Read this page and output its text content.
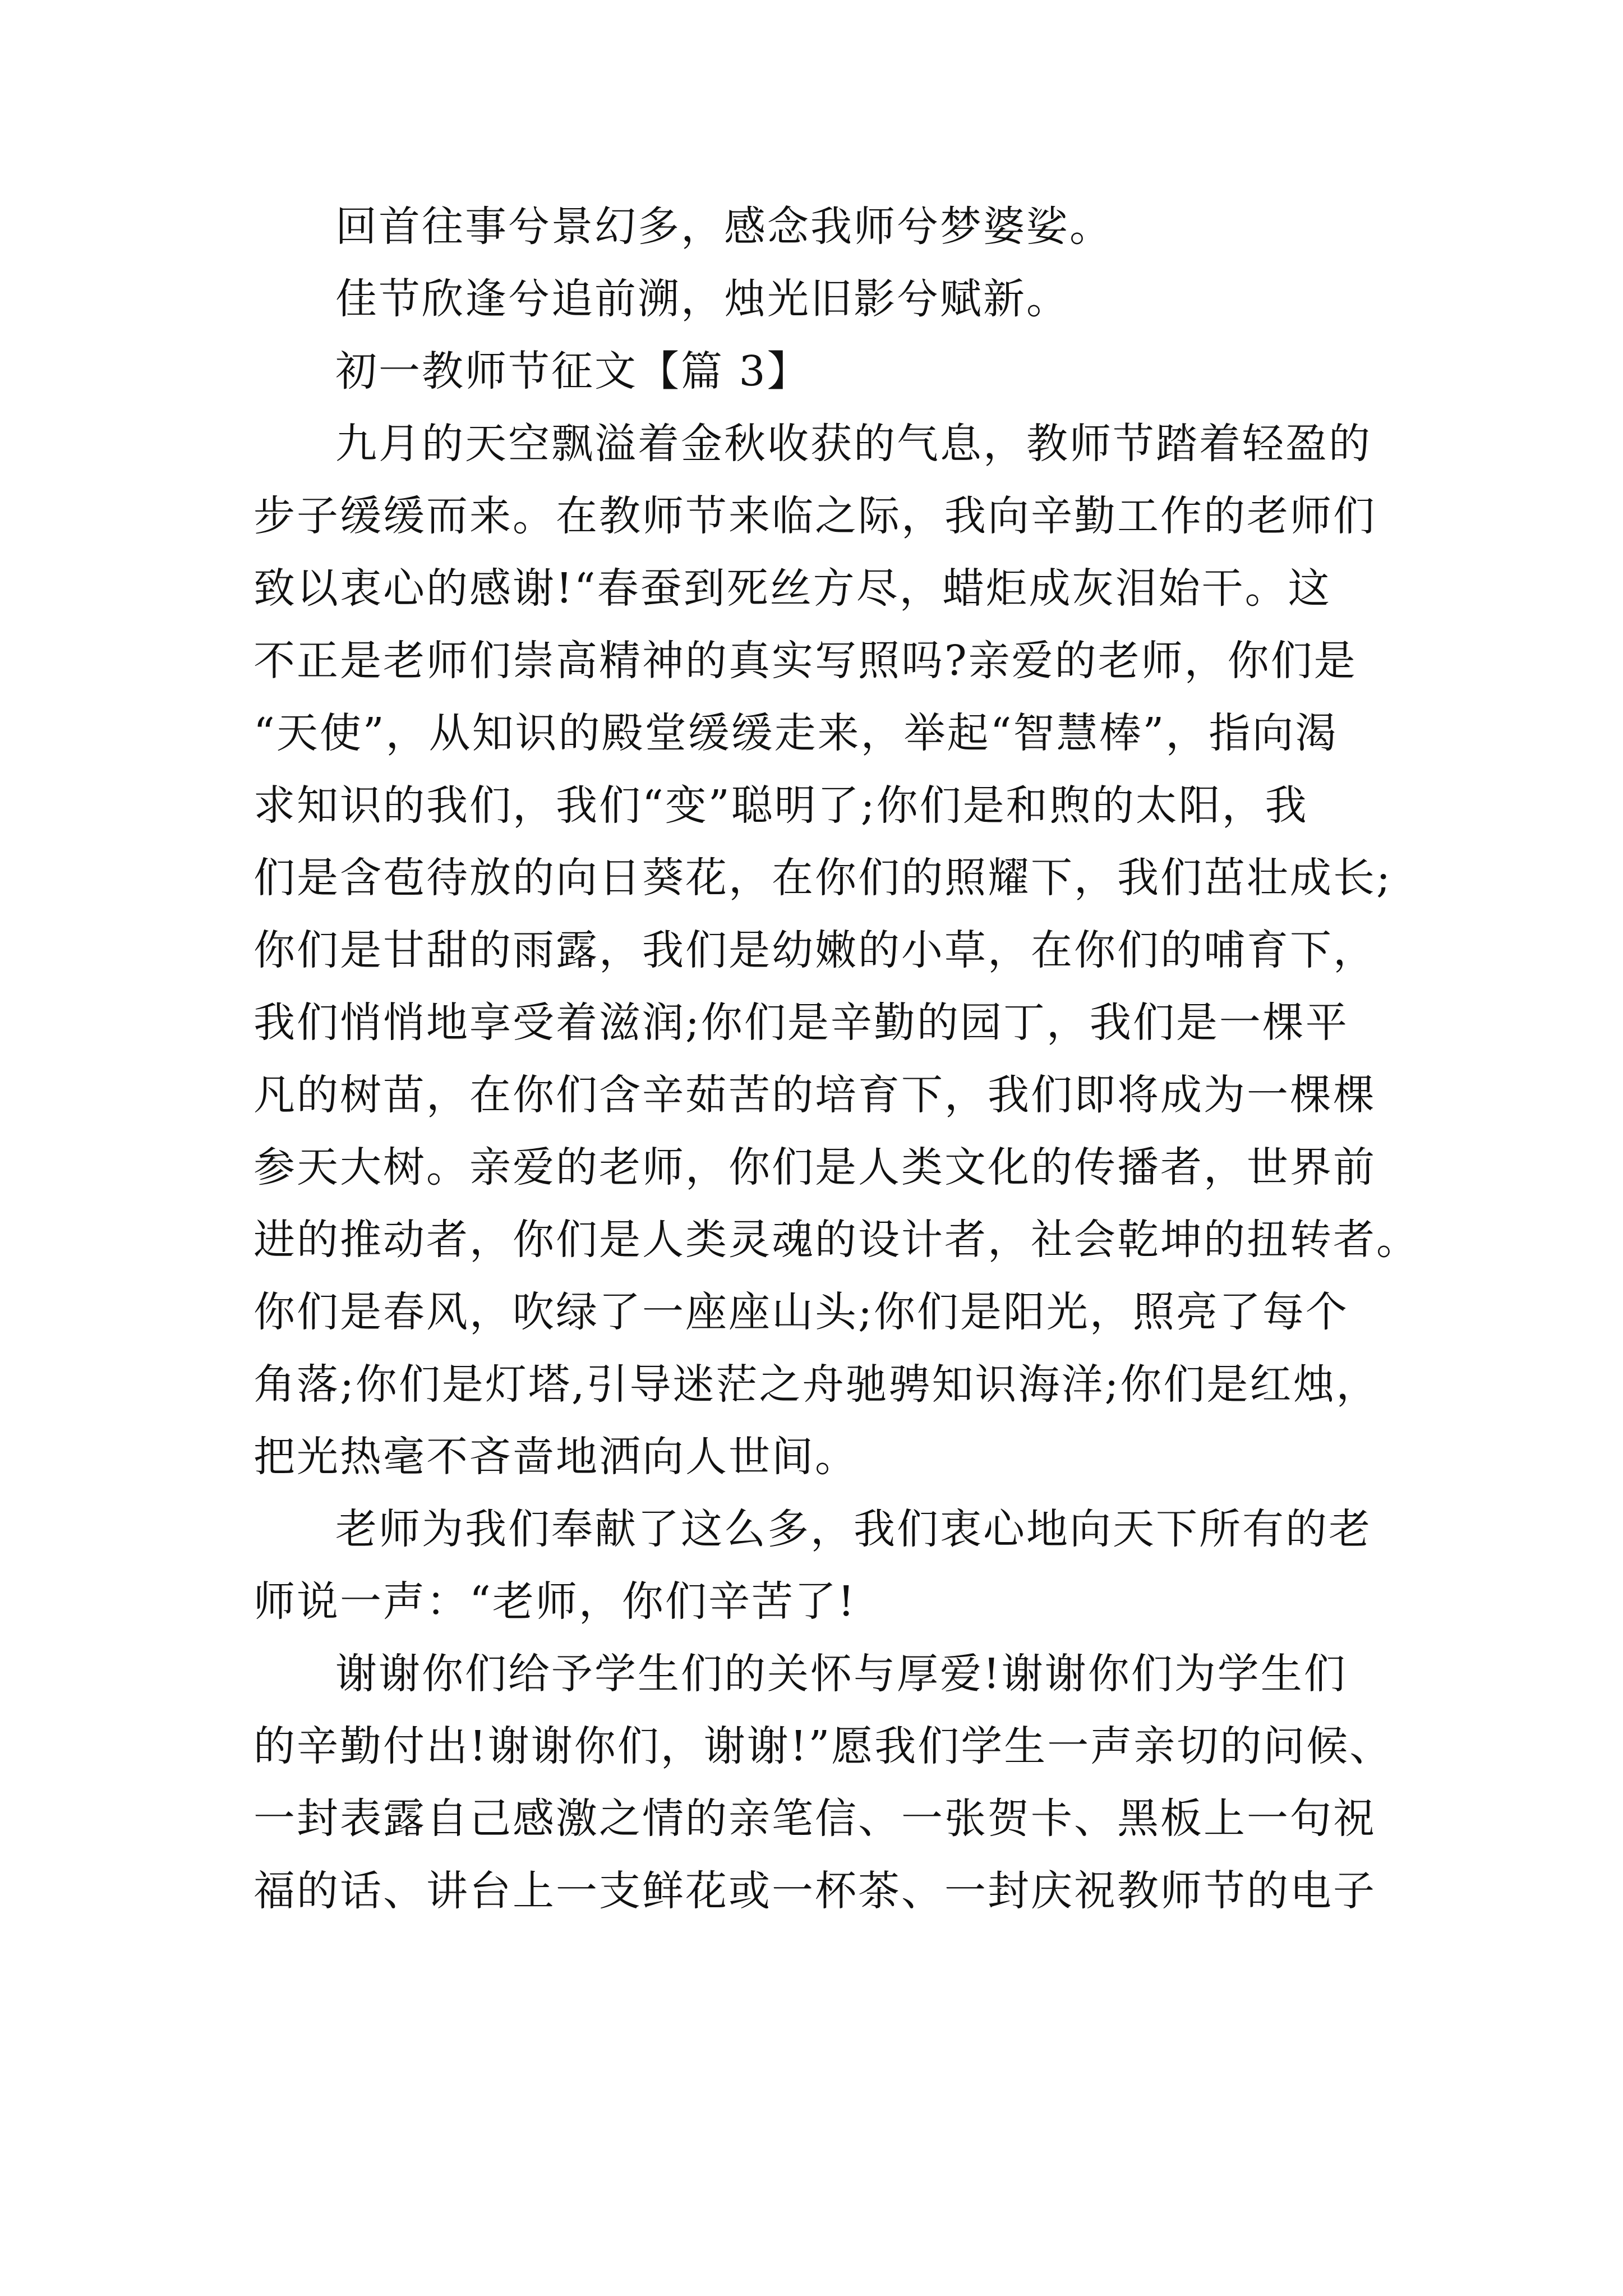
回首往事兮景幻多，感念我师兮梦婆娑。

佳节欣逢兮追前溯，烛光旧影兮赋新。

初一教师节征文【篇 3】

九月的天空飘溢着金秋收获的气息，教师节踏着轻盈的

步子缓缓而来。在教师节来临之际，我向辛勤工作的老师们

致以衷心的感谢!“春蚕到死丝方尽，蜡炬成灰泪始干。这

不正是老师们崇高精神的真实写照吗?亲爱的老师，你们是

“天使”，从知识的殿堂缓缓走来，举起“智慧棒”，指向渴

求知识的我们，我们“变”聪明了;你们是和煦的太阳，我

们是含苞待放的向日葵花，在你们的照耀下，我们茁壮成长;

你们是甘甜的雨露，我们是幼嫩的小草，在你们的哺育下，

我们悄悄地享受着滋润;你们是辛勤的园丁，我们是一棵平

凡的树苗，在你们含辛茹苦的培育下，我们即将成为一棵棵

参天大树。亲爱的老师，你们是人类文化的传播者，世界前

进的推动者，你们是人类灵魂的设计者，社会乾坤的扭转者。

你们是春风，吹绿了一座座山头;你们是阳光，照亮了每个

角落;你们是灯塔,引导迷茫之舟驰骋知识海洋;你们是红烛，

把光热毫不吝啬地洒向人世间。

老师为我们奉献了这么多，我们衷心地向天下所有的老

师说一声：“老师，你们辛苦了!

谢谢你们给予学生们的关怀与厚爱!谢谢你们为学生们

的辛勤付出!谢谢你们，谢谢!”愿我们学生一声亲切的问候、

一封表露自己感激之情的亲笔信、一张贺卡、黑板上一句祝

福的话、讲台上一支鲜花或一杯茶、一封庆祝教师节的电子
